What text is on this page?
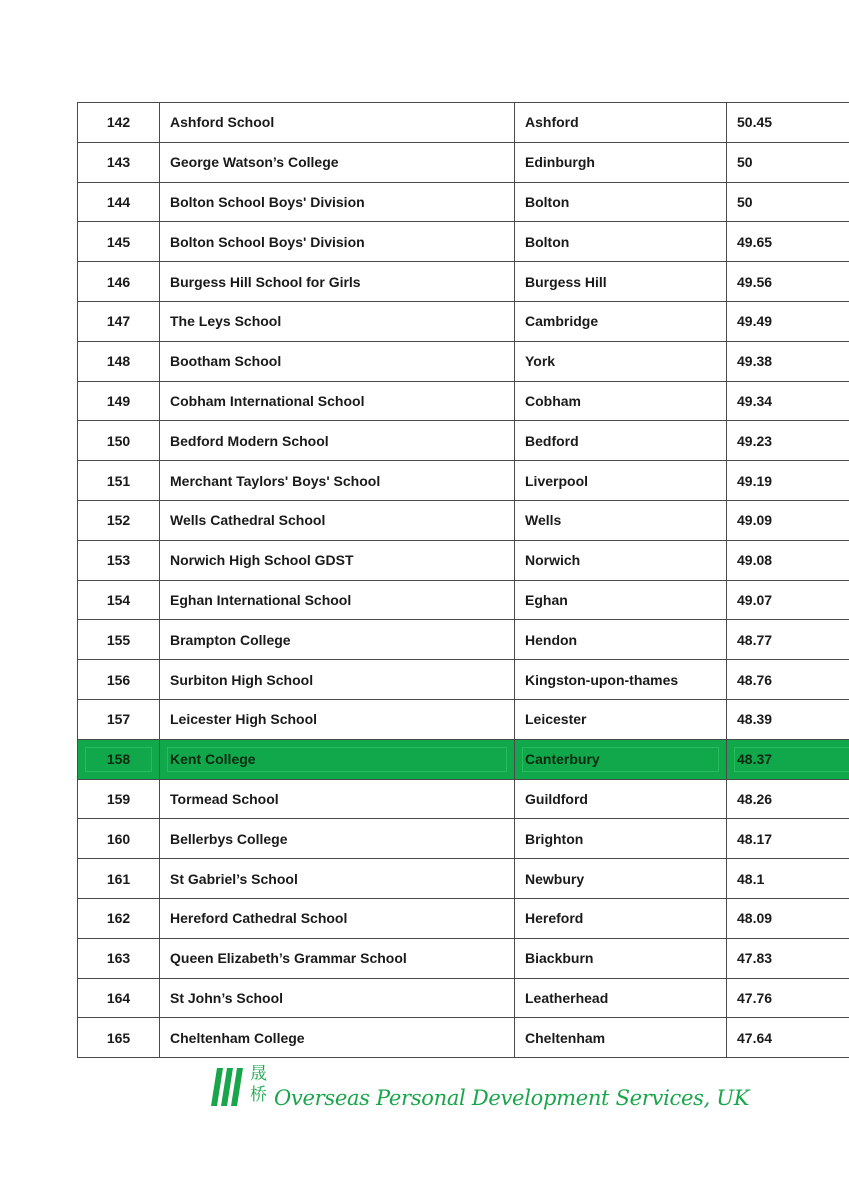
142	Ashford School	Ashford	50.45
143	George Watson’s College	Edinburgh	50
144	Bolton School Boys' Division	Bolton	50
145	Bolton School Boys' Division	Bolton	49.65
146	Burgess Hill School for Girls	Burgess Hill	49.56
147	The Leys School	Cambridge	49.49
148	Bootham School	York	49.38
149	Cobham International School	Cobham	49.34
150	Bedford Modern School	Bedford	49.23
151	Merchant Taylors' Boys' School	Liverpool	49.19
152	Wells Cathedral School	Wells	49.09
153	Norwich High School GDST	Norwich	49.08
154	Eghan International School	Eghan	49.07
155	Brampton College	Hendon	48.77
156	Surbiton High School	Kingston-upon-thames	48.76
157	Leicester High School	Leicester	48.39
158	Kent College	Canterbury	48.37
159	Tormead School	Guildford	48.26
160	Bellerbys College	Brighton	48.17
161	St Gabriel’s School	Newbury	48.1
162	Hereford Cathedral School	Hereford	48.09
163	Queen Elizabeth’s Grammar School	Biackburn	47.83
164	St John’s School	Leatherhead	47.76
165	Cheltenham College	Cheltenham	47.64
晟
桥 Overseas Personal Development Services, UK
